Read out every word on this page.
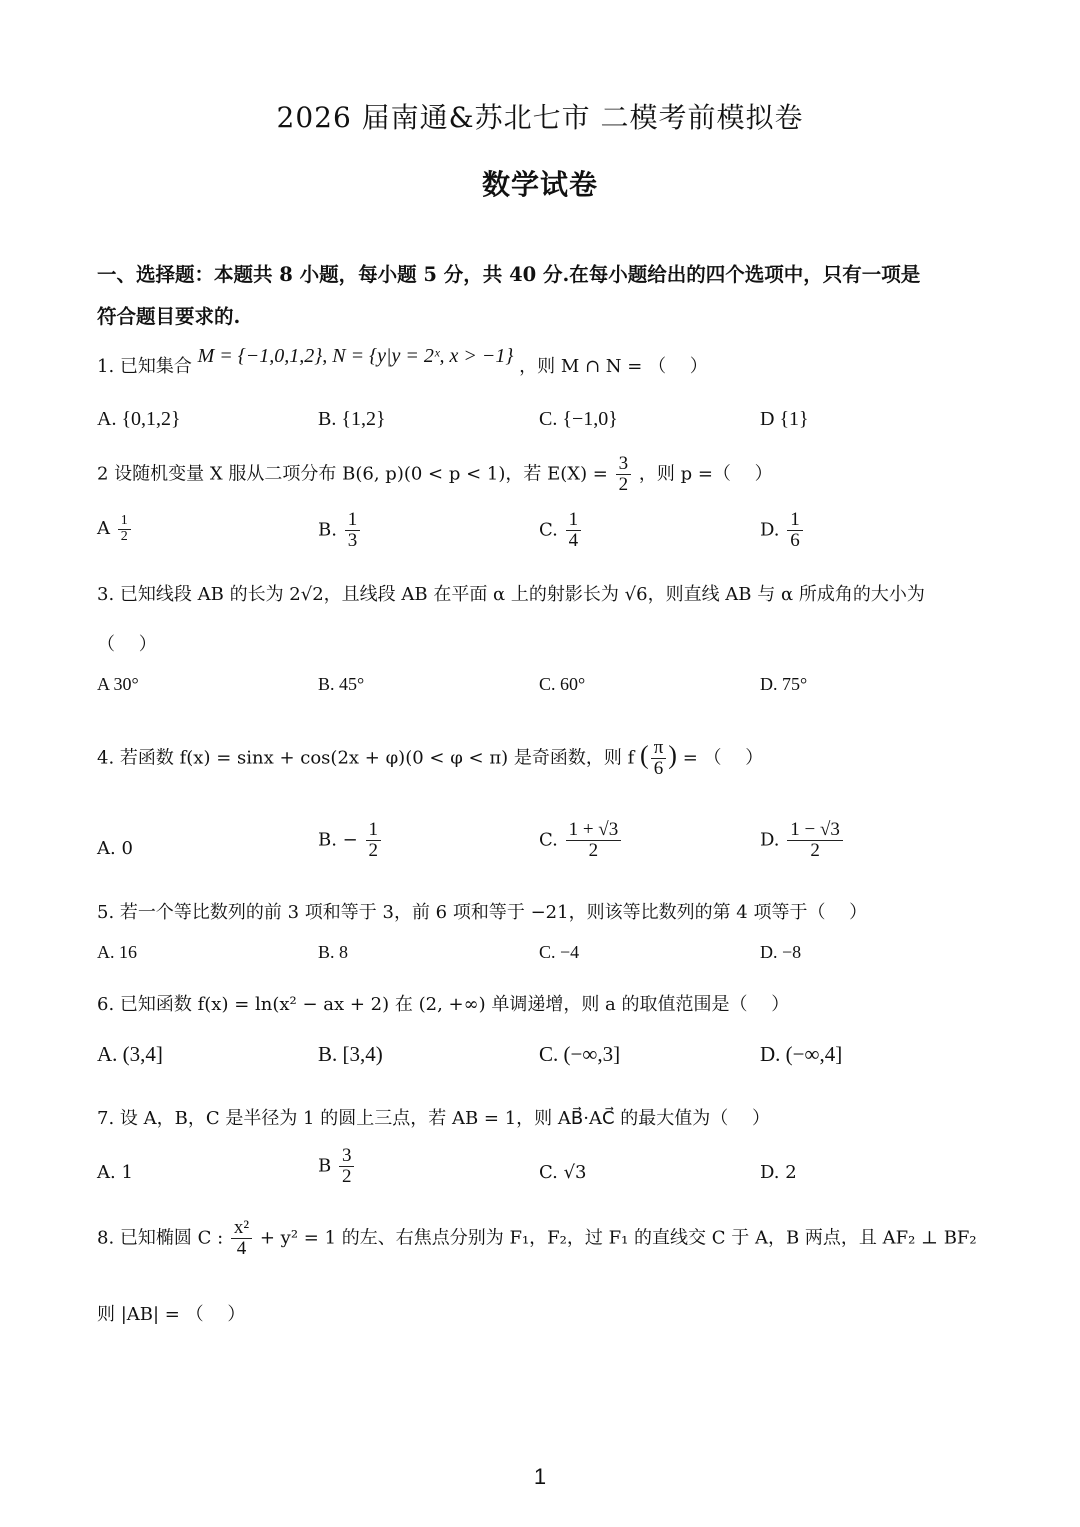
2026 届南通&苏北七市 二模考前模拟卷
数学试卷
一、选择题：本题共 8 小题，每小题 5 分，共 40 分.在每小题给出的四个选项中，只有一项是
符合题目要求的.
1. 已知集合 M = {−1,0,1,2}, N = {y|y = 2ˣ, x > −1} ，则 M ∩ N = （　 ）
A. {0,1,2}	B. {1,2}	C. {−1,0}	D {1}
2 设随机变量 X 服从二项分布 B(6, p)(0 < p < 1)，若 $E(X) = \frac{3}{2}$ ，则 p =（　 ）
A $\frac{1}{2}$	B. $\frac{1}{3}$	C. $\frac{1}{4}$	D. $\frac{1}{6}$
3. 已知线段 AB 的长为 2√2，且线段 AB 在平面 α 上的射影长为 √6，则直线 AB 与 α 所成角的大小为
（　 ）
A 30°	B. 45°	C. 60°	D. 75°
4. 若函数 f(x) = sinx + cos(2x + φ)(0 < φ < π) 是奇函数，则 f ( $\frac{\pi}{6}$ ) = （　 ）
A. 0	B. − $\frac{1}{2}$	C. $\frac{1 + √3}{2}$	D. $\frac{1 - √3}{2}$
5. 若一个等比数列的前 3 项和等于 3，前 6 项和等于 −21，则该等比数列的第 4 项等于（　 ）
A. 16	B. 8	C. −4	D. −8
6. 已知函数 f(x) = ln(x² − ax + 2) 在 (2, +∞) 单调递增，则 a 的取值范围是（　 ）
A. (3,4]	B. [3,4)	C. (−∞,3]	D. (−∞,4]
7. 设 A，B，C 是半径为 1 的圆上三点，若 AB = 1，则 AB⃗·AC⃗ 的最大值为（　 ）
A. 1	B $\frac{3}{2}$	C. √3	D. 2
8. 已知椭圆 C : $\frac{\text{x²}}{4} + y^2 = 1$ 的左、右焦点分别为 F₁，F₂，过 F₁ 的直线交 C 于 A，B 两点，且 AF₂ ⊥ BF₂
则 |AB| = （　 ）
1
